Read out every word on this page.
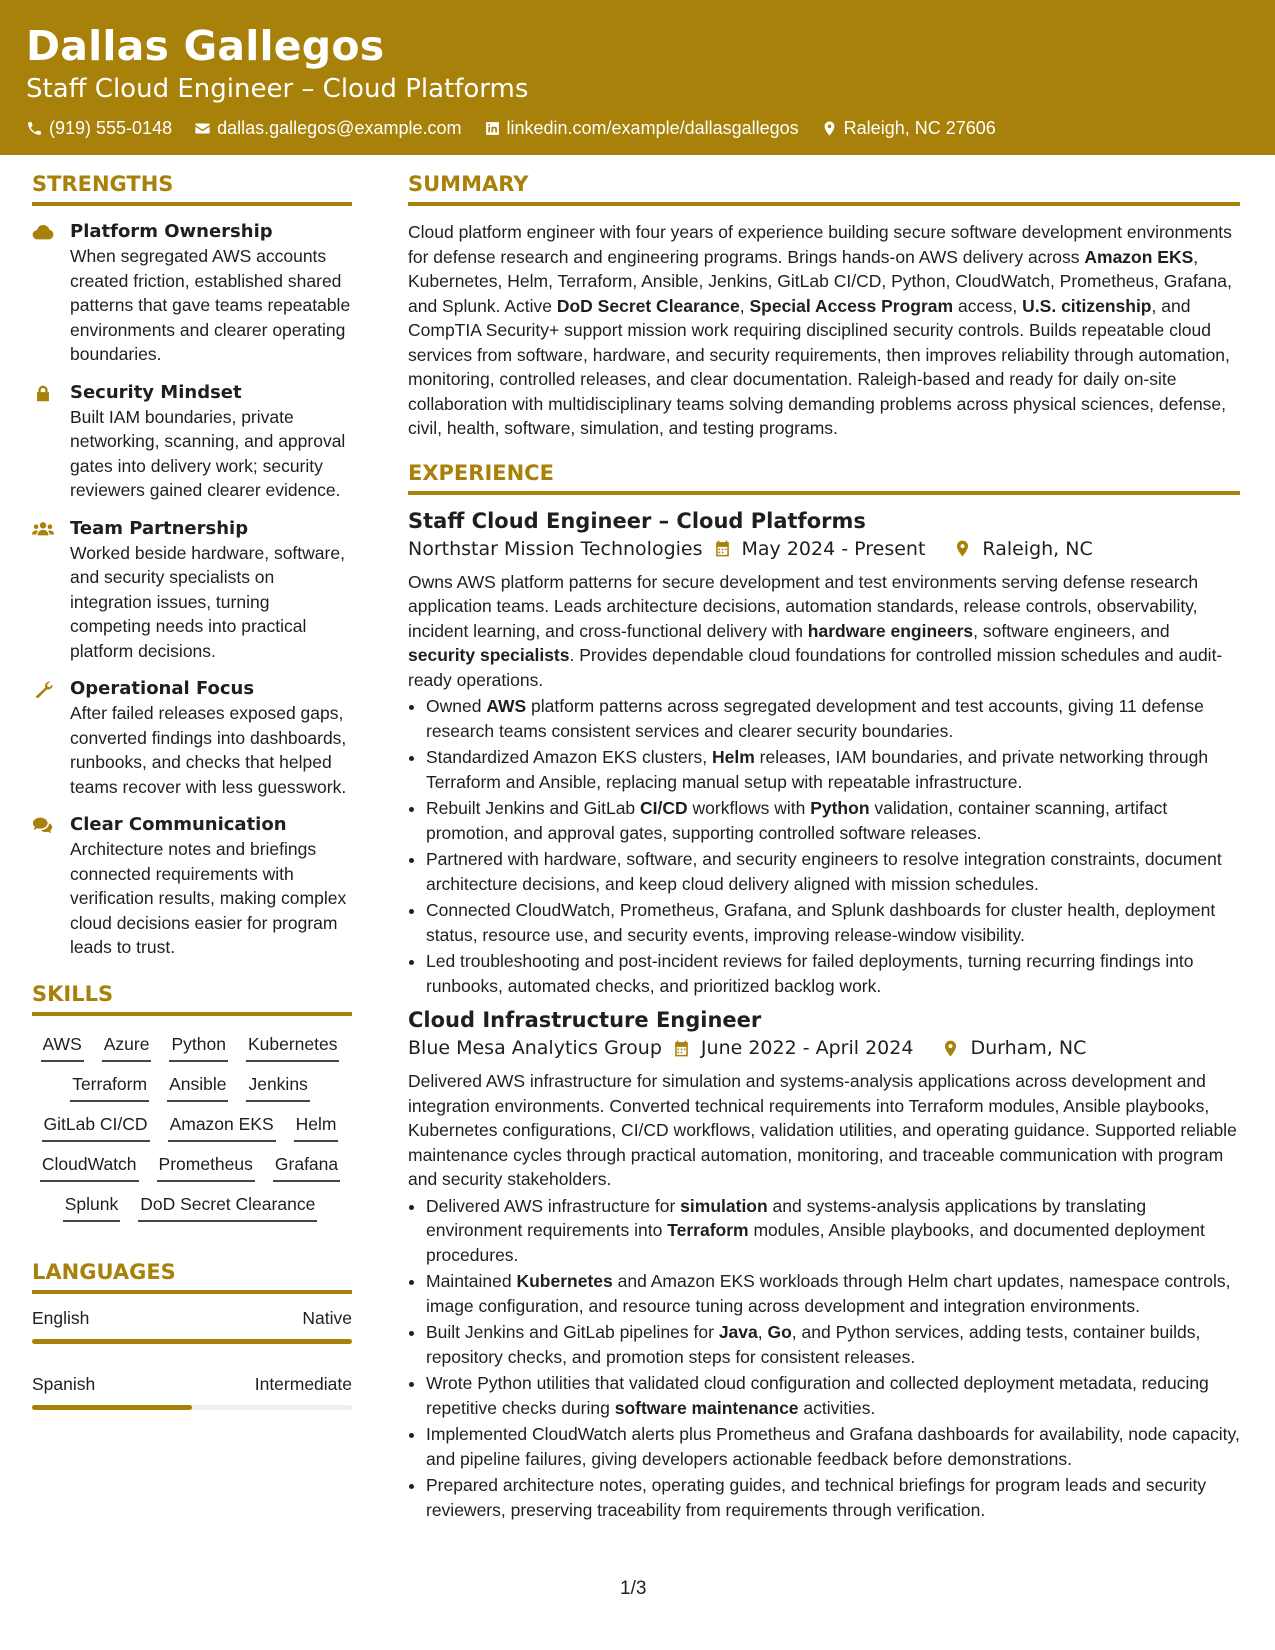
Dallas Gallegos
Staff Cloud Engineer – Cloud Platforms
(919) 555-0148	dallas.gallegos@example.com	linkedin.com/example/dallasgallegos	Raleigh, NC 27606
STRENGTHS
Platform Ownership
When segregated AWS accounts created friction, established shared patterns that gave teams repeatable environments and clearer operating boundaries.
Security Mindset
Built IAM boundaries, private networking, scanning, and approval gates into delivery work; security reviewers gained clearer evidence.
Team Partnership
Worked beside hardware, software, and security specialists on integration issues, turning competing needs into practical platform decisions.
Operational Focus
After failed releases exposed gaps, converted findings into dashboards, runbooks, and checks that helped teams recover with less guesswork.
Clear Communication
Architecture notes and briefings connected requirements with verification results, making complex cloud decisions easier for program leads to trust.
SKILLS
AWS Azure Python Kubernetes
Terraform Ansible Jenkins
GitLab CI/CD Amazon EKS Helm
CloudWatch Prometheus Grafana
Splunk DoD Secret Clearance
LANGUAGES
English	Native
Spanish	Intermediate
SUMMARY

Cloud platform engineer with four years of experience building secure software development environments for defense research and engineering programs. Brings hands-on AWS delivery across Amazon EKS, Kubernetes, Helm, Terraform, Ansible, Jenkins, GitLab CI/CD, Python, CloudWatch, Prometheus, Grafana, and Splunk. Active DoD Secret Clearance, Special Access Program access, U.S. citizenship, and CompTIA Security+ support mission work requiring disciplined security controls. Builds repeatable cloud services from software, hardware, and security requirements, then improves reliability through automation, monitoring, controlled releases, and clear documentation. Raleigh-based and ready for daily on-site collaboration with multidisciplinary teams solving demanding problems across physical sciences, defense, civil, health, software, simulation, and testing programs.

EXPERIENCE
Staff Cloud Engineer – Cloud Platforms
Northstar Mission Technologies May 2024 - Present	Raleigh, NC

Owns AWS platform patterns for secure development and test environments serving defense research application teams. Leads architecture decisions, automation standards, release controls, observability, incident learning, and cross-functional delivery with hardware engineers, software engineers, and security specialists. Provides dependable cloud foundations for controlled mission schedules and audit-ready operations.

• Owned AWS platform patterns across segregated development and test accounts, giving 11 defense research teams consistent services and clearer security boundaries.
• Standardized Amazon EKS clusters, Helm releases, IAM boundaries, and private networking through Terraform and Ansible, replacing manual setup with repeatable infrastructure.
• Rebuilt Jenkins and GitLab CI/CD workflows with Python validation, container scanning, artifact promotion, and approval gates, supporting controlled software releases.
• Partnered with hardware, software, and security engineers to resolve integration constraints, document architecture decisions, and keep cloud delivery aligned with mission schedules.
• Connected CloudWatch, Prometheus, Grafana, and Splunk dashboards for cluster health, deployment status, resource use, and security events, improving release-window visibility.
• Led troubleshooting and post-incident reviews for failed deployments, turning recurring findings into runbooks, automated checks, and prioritized backlog work.
Cloud Infrastructure Engineer
Blue Mesa Analytics Group June 2022 - April 2024	Durham, NC

Delivered AWS infrastructure for simulation and systems-analysis applications across development and integration environments. Converted technical requirements into Terraform modules, Ansible playbooks, Kubernetes configurations, CI/CD workflows, validation utilities, and operating guidance. Supported reliable maintenance cycles through practical automation, monitoring, and traceable communication with program and security stakeholders.

• Delivered AWS infrastructure for simulation and systems-analysis applications by translating environment requirements into Terraform modules, Ansible playbooks, and documented deployment procedures.
• Maintained Kubernetes and Amazon EKS workloads through Helm chart updates, namespace controls, image configuration, and resource tuning across development and integration environments.
• Built Jenkins and GitLab pipelines for Java, Go, and Python services, adding tests, container builds, repository checks, and promotion steps for consistent releases.
• Wrote Python utilities that validated cloud configuration and collected deployment metadata, reducing repetitive checks during software maintenance activities.
• Implemented CloudWatch alerts plus Prometheus and Grafana dashboards for availability, node capacity, and pipeline failures, giving developers actionable feedback before demonstrations.
• Prepared architecture notes, operating guides, and technical briefings for program leads and security reviewers, preserving traceability from requirements through verification.
1/3
